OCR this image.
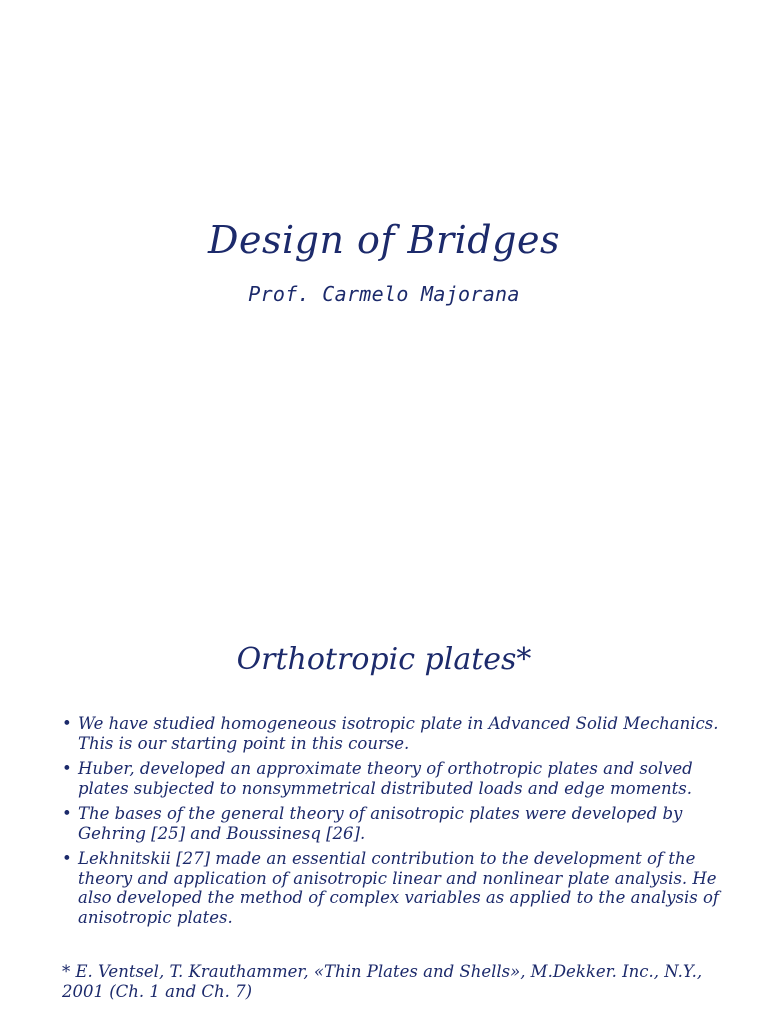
Design of Bridges
Prof. Carmelo Majorana
Orthotropic plates*
• We have studied homogeneous isotropic plate in Advanced Solid Mechanics. This is our starting point in this course.
• Huber, developed an approximate theory of orthotropic plates and solved plates subjected to nonsymmetrical distributed loads and edge moments.
• The bases of the general theory of anisotropic plates were developed by Gehring [25] and Boussinesq [26].
• Lekhnitskii [27] made an essential contribution to the development of the theory and application of anisotropic linear and nonlinear plate analysis. He also developed the method of complex variables as applied to the analysis of anisotropic plates.
* E. Ventsel, T. Krauthammer, «Thin Plates and Shells», M.Dekker. Inc., N.Y., 2001 (Ch. 1 and Ch. 7)
